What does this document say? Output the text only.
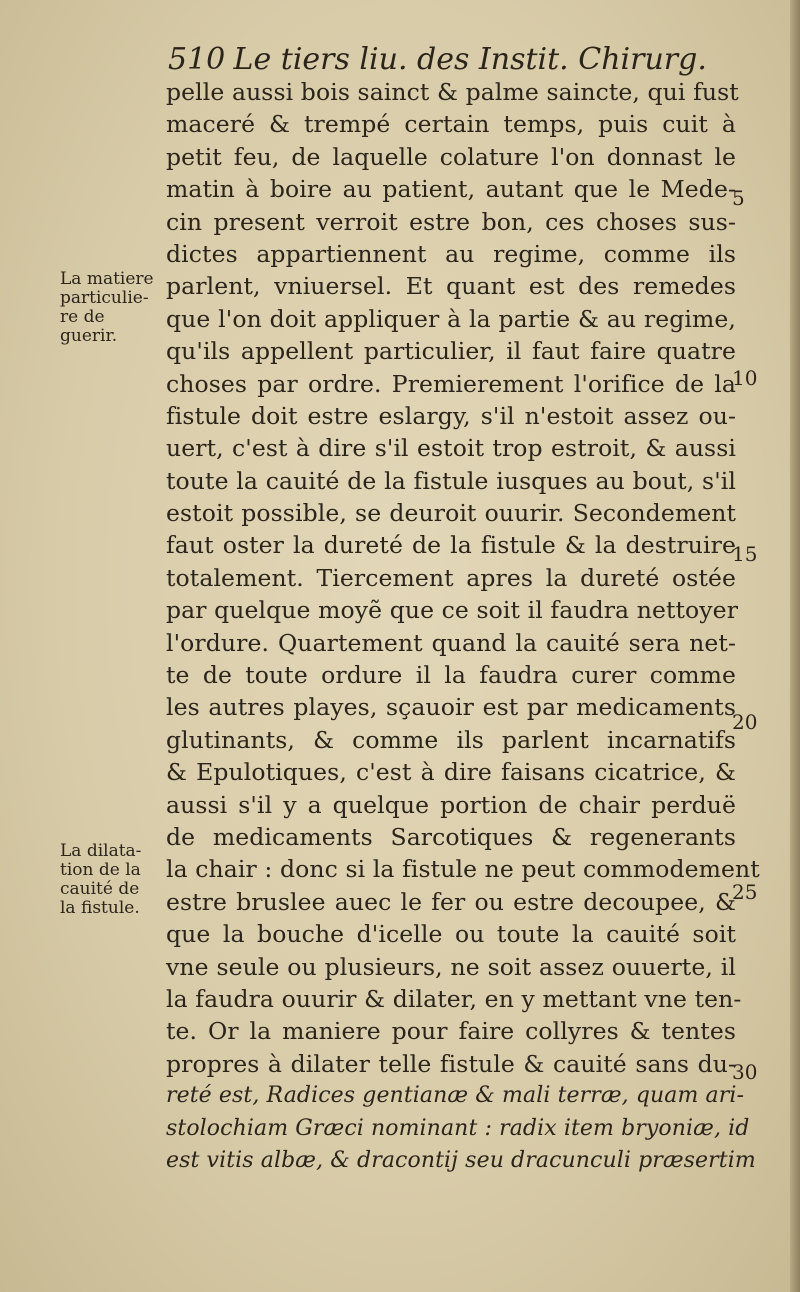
510 Le tiers liu. des Instit. Chirurg.
pelle aussi bois sainct & palme saincte, qui fust
maceré & trempé certain temps, puis cuit à
petit feu, de laquelle colature l'on donnast le
matin à boire au patient, autant que le Mede-
cin present verroit estre bon, ces choses sus-
dictes appartiennent au regime, comme ils
parlent, vniuersel. Et quant est des remedes
que l'on doit appliquer à la partie & au regime,
qu'ils appellent particulier, il faut faire quatre
choses par ordre. Premierement l'orifice de la
fistule doit estre eslargy, s'il n'estoit assez ou-
uert, c'est à dire s'il estoit trop estroit, & aussi
toute la cauité de la fistule iusques au bout, s'il
estoit possible, se deuroit ouurir. Secondement
faut oster la dureté de la fistule & la destruire
totalement. Tiercement apres la dureté ostée
par quelque moyẽ que ce soit il faudra nettoyer
l'ordure. Quartement quand la cauité sera net-
te de toute ordure il la faudra curer comme
les autres playes, sçauoir est par medicaments
glutinants, & comme ils parlent incarnatifs
& Epulotiques, c'est à dire faisans cicatrice, &
aussi s'il y a quelque portion de chair perduë
de medicaments Sarcotiques & regenerants
la chair : donc si la fistule ne peut commodement
estre bruslee auec le fer ou estre decoupee, &
que la bouche d'icelle ou toute la cauité soit
vne seule ou plusieurs, ne soit assez ouuerte, il
la faudra ouurir & dilater, en y mettant vne ten-
te. Or la maniere pour faire collyres & tentes
propres à dilater telle fistule & cauité sans du-
reté est, Radices gentianæ & mali terræ, quam ari-
stolochiam Græci nominant : radix item bryoniæ, id
est vitis albæ, & dracontij seu dracunculi præsertim
5
10
15
20
25
30
La matiere
particulie-
re de
guerir.
La dilata-
tion de la
cauité de
la fistule.
